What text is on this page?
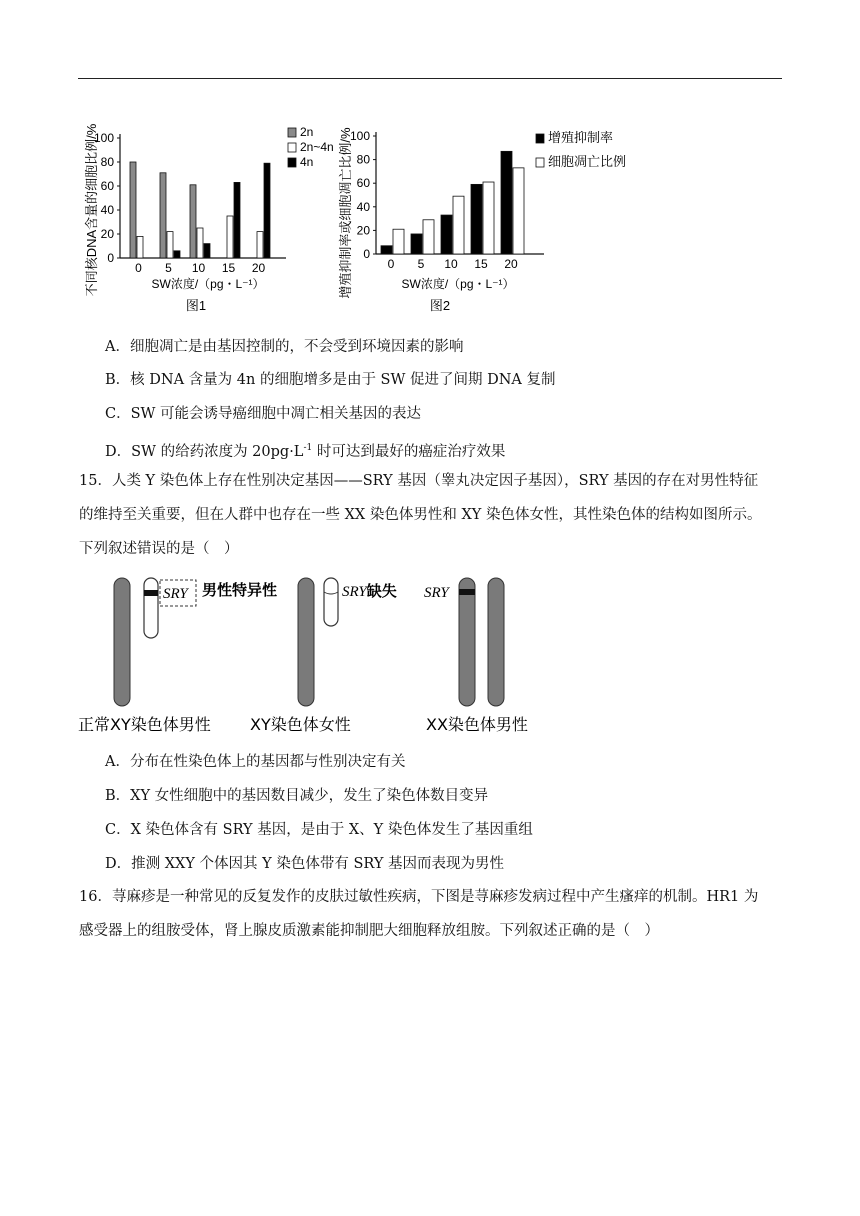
不同核DNA含量的细胞比例/% 0
20
40
60
80
100
0 5 10 15 20
SW浓度/（pg・L⁻¹）
图1
2n
2n~4n
4n 增殖抑制率或细胞凋亡比例/% 0
20
40
60
80
100
0 5 10 15 20
SW浓度/（pg・L⁻¹）
图2
增殖抑制率
细胞凋亡比例
A．细胞凋亡是由基因控制的，不会受到环境因素的影响
B．核 DNA 含量为 4n 的细胞增多是由于 SW 促进了间期 DNA 复制
C．SW 可能会诱导癌细胞中凋亡相关基因的表达
D．SW 的给药浓度为 $20pg\cdot L^{-1}$ 时可达到最好的癌症治疗效果
15．人类 Y 染色体上存在性别决定基因——SRY 基因（睾丸决定因子基因），SRY 基因的存在对男性特征
的维持至关重要，但在人群中也存在一些 XX 染色体男性和 XY 染色体女性，其性染色体的结构如图所示。
下列叙述错误的是（　）
SRY 男性特异性
正常XY染色体男性
SRY缺失
XY染色体女性
SRY
XX染色体男性
A．分布在性染色体上的基因都与性别决定有关
B．XY 女性细胞中的基因数目减少，发生了染色体数目变异
C．X 染色体含有 SRY 基因，是由于 X、Y 染色体发生了基因重组
D．推测 XXY 个体因其 Y 染色体带有 SRY 基因而表现为男性
16．荨麻疹是一种常见的反复发作的皮肤过敏性疾病，下图是荨麻疹发病过程中产生瘙痒的机制。HR1 为
感受器上的组胺受体，肾上腺皮质激素能抑制肥大细胞释放组胺。下列叙述正确的是（　）
